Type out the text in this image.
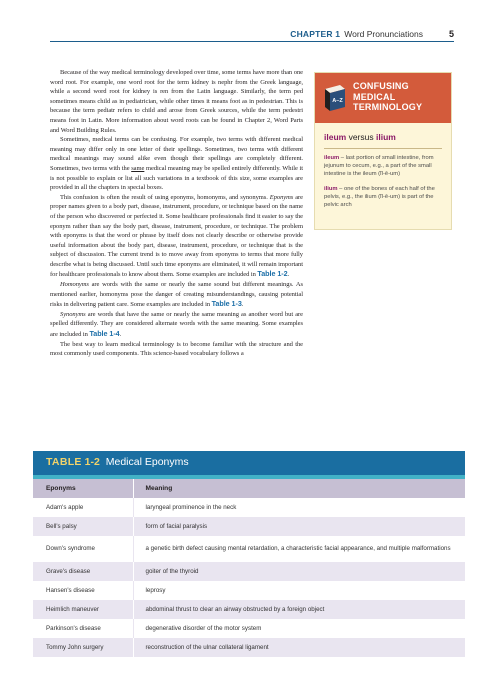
CHAPTER 1 Word Pronunciations	5

Because of the way medical terminology developed over time, some terms have more than one word root. For example, one word root for the term kidney is nephr from the Greek language, while a second word root for kidney is ren from the Latin language. Similarly, the term ped sometimes means child as in pediatrician, while other times it means foot as in pedestrian. This is because the term pediatr refers to child and arose from Greek sources, while the term pedestri means foot in Latin. More information about word roots can be found in Chapter 2, Word Parts and Word Building Rules.

Sometimes, medical terms can be confusing. For example, two terms with different medical meaning may differ only in one letter of their spellings. Sometimes, two terms with different medical meanings may sound alike even though their spellings are completely different. Sometimes, two terms with the same medical meaning may be spelled entirely differently. While it is not possible to explain or list all such variations in a textbook of this size, some examples are provided in all the chapters in special boxes.

This confusion is often the result of using eponyms, homonyms, and synonyms. Eponyms are proper names given to a body part, disease, instrument, procedure, or technique based on the name of the person who discovered or perfected it. Some healthcare professionals find it easier to say the eponym rather than say the body part, disease, instrument, procedure, or technique. The problem with eponyms is that the word or phrase by itself does not clearly describe or otherwise provide useful information about the body part, disease, instrument, procedure, or technique that is the subject of discussion. The current trend is to move away from eponyms to terms that more fully describe what is being discussed. Until such time eponyms are eliminated, it will remain important for healthcare professionals to know about them. Some examples are included in Table 1-2.

Homonyms are words with the same or nearly the same sound but different meanings. As mentioned earlier, homonyms pose the danger of creating misunderstandings, causing potential risks in delivering patient care. Some examples are included in Table 1-3.

Synonyms are words that have the same or nearly the same meaning as another word but are spelled differently. They are considered alternate words with the same meaning. Some examples are included in Table 1-4.

The best way to learn medical terminology is to become familiar with the structure and the most commonly used components. This science-based vocabulary follows a

A–Z
CONFUSING
MEDICAL
TERMINOLOGY
ileum versus ilium
ileum – last portion of small intestine, from jejunum to cecum, e.g., a part of the small intestine is the ileum (ĭl-ē-um)
ilium – one of the bones of each half of the pelvis, e.g., the ilium (ĭl-ē-um) is part of the pelvic arch
TABLE 1-2 Medical Eponyms
Eponyms	Meaning
Adam's apple	laryngeal prominence in the neck
Bell's palsy	form of facial paralysis
Down's syndrome	a genetic birth defect causing mental retardation, a characteristic facial appearance, and multiple malformations
Grave's disease	goiter of the thyroid
Hansen's disease	leprosy
Heimlich maneuver	abdominal thrust to clear an airway obstructed by a foreign object
Parkinson's disease	degenerative disorder of the motor system
Tommy John surgery	reconstruction of the ulnar collateral ligament
